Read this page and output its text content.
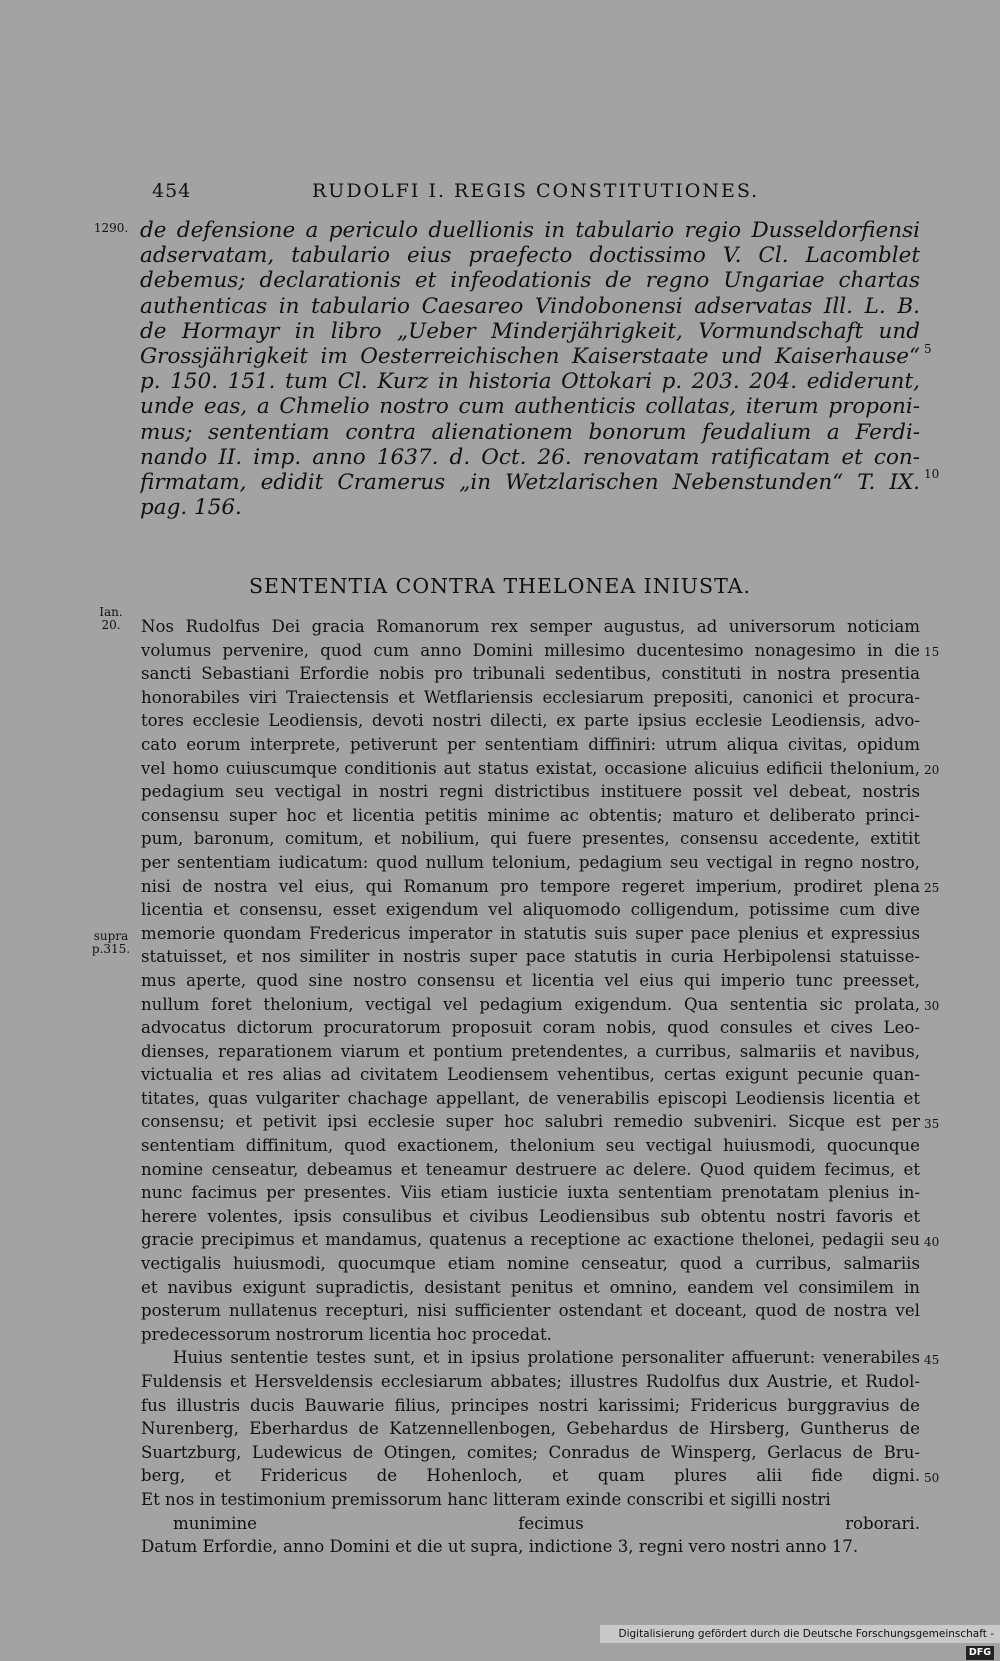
454	RUDOLFI I. REGIS CONSTITUTIONES.
1290. de defensione a periculo duellionis in tabulario regio Dusseldorfiensi
adservatam, tabulario eius praefecto doctissimo V. Cl. Lacomblet
debemus; declarationis et infeodationis de regno Ungariae chartas
authenticas in tabulario Caesareo Vindobonensi adservatas Ill. L. B.
de Hormayr in libro „Ueber Minderjährigkeit, Vormundschaft und
Grossjährigkeit im Oesterreichischen Kaiserstaate und Kaiserhause“
p. 150. 151. tum Cl. Kurz in historia Ottokari p. 203. 204. ediderunt,
unde eas, a Chmelio nostro cum authenticis collatas, iterum proponi-
mus; sententiam contra alienationem bonorum feudalium a Ferdi-
nando II. imp. anno 1637. d. Oct. 26. renovatam ratificatam et con-
firmatam, edidit Cramerus „in Wetzlarischen Nebenstunden“ T. IX.
pag. 156.
5
10
SENTENTIA CONTRA THELONEA INIUSTA.
Ian.
20.
supra
p.315.
Nos Rudolfus Dei gracia Romanorum rex semper augustus, ad universorum noticiam
volumus pervenire, quod cum anno Domini millesimo ducentesimo nonagesimo in die
sancti Sebastiani Erfordie nobis pro tribunali sedentibus, constituti in nostra presentia
honorabiles viri Traiectensis et Wetflariensis ecclesiarum prepositi, canonici et procura-
tores ecclesie Leodiensis, devoti nostri dilecti, ex parte ipsius ecclesie Leodiensis, advo-
cato eorum interprete, petiverunt per sententiam diffiniri: utrum aliqua civitas, opidum
vel homo cuiuscumque conditionis aut status existat, occasione alicuius edificii thelonium,
pedagium seu vectigal in nostri regni districtibus instituere possit vel debeat, nostris
consensu super hoc et licentia petitis minime ac obtentis; maturo et deliberato princi-
pum, baronum, comitum, et nobilium, qui fuere presentes, consensu accedente, extitit
per sententiam iudicatum: quod nullum telonium, pedagium seu vectigal in regno nostro,
nisi de nostra vel eius, qui Romanum pro tempore regeret imperium, prodiret plena
licentia et consensu, esset exigendum vel aliquomodo colligendum, potissime cum dive
memorie quondam Fredericus imperator in statutis suis super pace plenius et expressius
statuisset, et nos similiter in nostris super pace statutis in curia Herbipolensi statuisse-
mus aperte, quod sine nostro consensu et licentia vel eius qui imperio tunc preesset,
nullum foret thelonium, vectigal vel pedagium exigendum. Qua sententia sic prolata,
advocatus dictorum procuratorum proposuit coram nobis, quod consules et cives Leo-
dienses, reparationem viarum et pontium pretendentes, a curribus, salmariis et navibus,
victualia et res alias ad civitatem Leodiensem vehentibus, certas exigunt pecunie quan-
titates, quas vulgariter chachage appellant, de venerabilis episcopi Leodiensis licentia et
consensu; et petivit ipsi ecclesie super hoc salubri remedio subveniri. Sicque est per
sententiam diffinitum, quod exactionem, thelonium seu vectigal huiusmodi, quocunque
nomine censeatur, debeamus et teneamur destruere ac delere. Quod quidem fecimus, et
nunc facimus per presentes. Viis etiam iusticie iuxta sententiam prenotatam plenius in-
herere volentes, ipsis consulibus et civibus Leodiensibus sub obtentu nostri favoris et
gracie precipimus et mandamus, quatenus a receptione ac exactione thelonei, pedagii seu
vectigalis huiusmodi, quocumque etiam nomine censeatur, quod a curribus, salmariis
et navibus exigunt supradictis, desistant penitus et omnino, eandem vel consimilem in
posterum nullatenus recepturi, nisi sufficienter ostendant et doceant, quod de nostra vel
predecessorum nostrorum licentia hoc procedat.
Huius sententie testes sunt, et in ipsius prolatione personaliter affuerunt: venerabiles
Fuldensis et Hersveldensis ecclesiarum abbates; illustres Rudolfus dux Austrie, et Rudol-
fus illustris ducis Bauwarie filius, principes nostri karissimi; Fridericus burggravius de
Nurenberg, Eberhardus de Katzennellenbogen, Gebehardus de Hirsberg, Guntherus de
Suartzburg, Ludewicus de Otingen, comites; Conradus de Winsperg, Gerlacus de Bru-
berg, et Fridericus de Hohenloch, et quam plures alii fide digni.
Et nos in testimonium premissorum hanc litteram exinde conscribi et sigilli nostri
munimine fecimus roborari.
Datum Erfordie, anno Domini et die ut supra, indictione 3, regni vero nostri anno 17.
15
20
25
30
35
40
45
50
Digitalisierung gefördert durch die Deutsche Forschungsgemeinschaft -DFG
